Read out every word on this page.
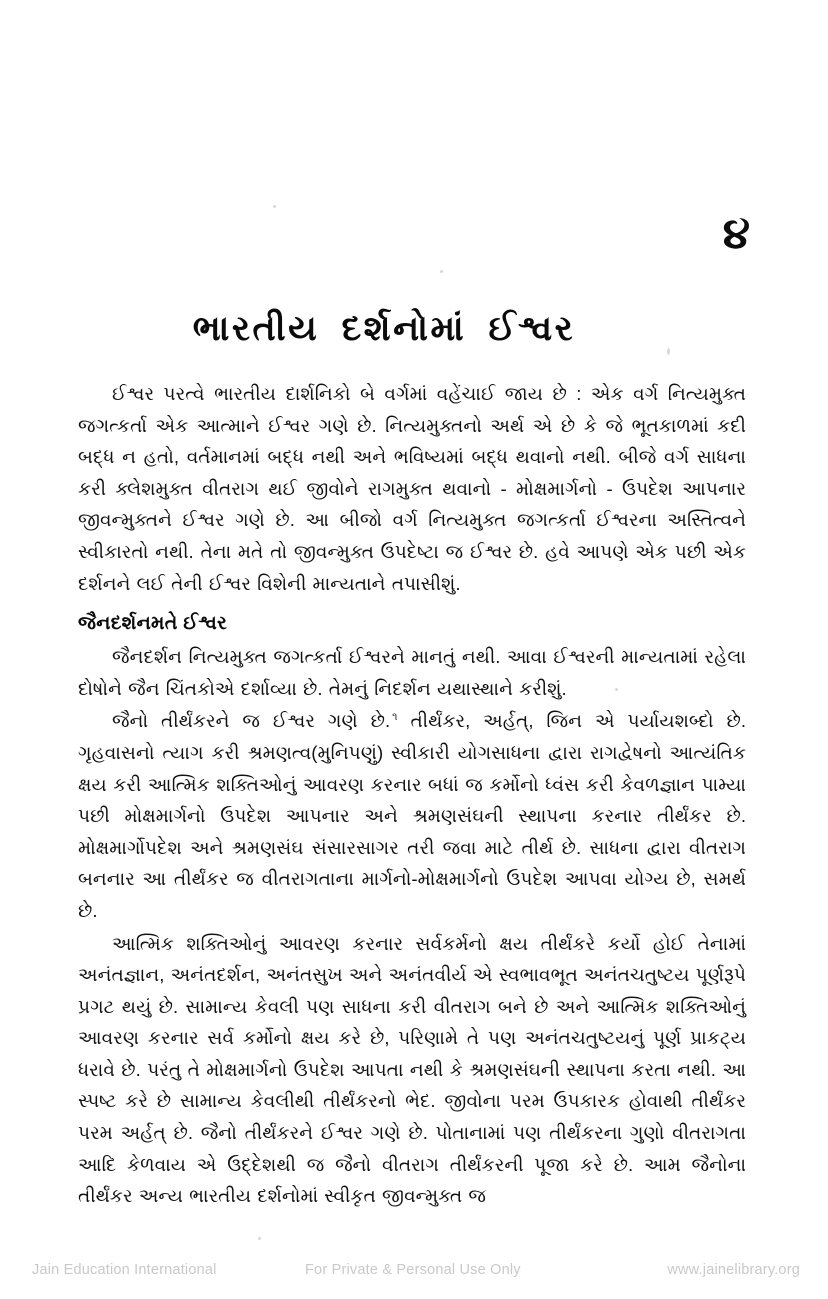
૪
ભારતીય દર્શનોમાં ઈશ્વર

ઈશ્વર પરત્વે ભારતીય દાર્શનિકો બે વર્ગમાં વહેંચાઈ જાય છે : એક વર્ગ નિત્યમુક્ત જગત્કર્તા એક આત્માને ઈશ્વર ગણે છે. નિત્યમુક્તનો અર્થ એ છે કે જે ભૂતકાળમાં કદી બદ્ધ ન હતો, વર્તમાનમાં બદ્ધ નથી અને ભવિષ્યમાં બદ્ધ થવાનો નથી. બીજે વર્ગ સાધના કરી ક્લેશમુક્ત વીતરાગ થઈ જીવોને રાગમુક્ત થવાનો - મોક્ષમાર્ગનો - ઉપદેશ આપનાર જીવન્મુક્તને ઈશ્વર ગણે છે. આ બીજો વર્ગ નિત્યમુક્ત જગત્કર્તા ઈશ્વરના અસ્તિત્વને સ્વીકારતો નથી. તેના મતે તો જીવન્મુક્ત ઉપદેષ્ટા જ ઈશ્વર છે. હવે આપણે એક પછી એક દર્શનને લઈ તેની ઈશ્વર વિશેની માન્યતાને તપાસીશું.

જૈનદર્શનમતે ઈશ્વર

જૈનદર્શન નિત્યમુક્ત જગત્કર્તા ઈશ્વરને માનતું નથી. આવા ઈશ્વરની માન્યતામાં રહેલા દોષોને જૈન ચિંતકોએ દર્શાવ્યા છે. તેમનું નિદર્શન યથાસ્થાને કરીશું.

જૈનો તીર્થંકરને જ ઈશ્વર ગણે છે. $^૧$ તીર્થંકર, અર્હત્, જિન એ પર્યાયશબ્દો છે. ગૃહવાસનો ત્યાગ કરી શ્રમણત્વ(મુનિપણું) સ્વીકારી યોગસાધના દ્વારા રાગદ્વેષનો આત્યંતિક ક્ષય કરી આત્મિક શક્તિઓનું આવરણ કરનાર બધાં જ કર્મોનો ધ્વંસ કરી કેવળજ્ઞાન પામ્યા પછી મોક્ષમાર્ગનો ઉપદેશ આપનાર અને શ્રમણસંઘની સ્થાપના કરનાર તીર્થંકર છે. મોક્ષમાર્ગોપદેશ અને શ્રમણસંઘ સંસારસાગર તરી જવા માટે તીર્થ છે. સાધના દ્વારા વીતરાગ બનનાર આ તીર્થંકર જ વીતરાગતાના માર્ગનો-મોક્ષમાર્ગનો ઉપદેશ આપવા યોગ્ય છે, સમર્થ છે.

આત્મિક શક્તિઓનું આવરણ કરનાર સર્વકર્મનો ક્ષય તીર્થંકરે કર્યો હોઈ તેનામાં અનંતજ્ઞાન, અનંતદર્શન, અનંતસુખ અને અનંતવીર્ય એ સ્વભાવભૂત અનંતચતુષ્ટય પૂર્ણરૂપે પ્રગટ થયું છે. સામાન્ય કેવલી પણ સાધના કરી વીતરાગ બને છે અને આત્મિક શક્તિઓનું આવરણ કરનાર સર્વ કર્મોનો ક્ષય કરે છે, પરિણામે તે પણ અનંતચતુષ્ટયનું પૂર્ણ પ્રાકટ્ય ધરાવે છે. પરંતુ તે મોક્ષમાર્ગનો ઉપદેશ આપતા નથી કે શ્રમણસંઘની સ્થાપના કરતા નથી. આ સ્પષ્ટ કરે છે સામાન્ય કેવલીથી તીર્થંકરનો ભેદ. જીવોના પરમ ઉપકારક હોવાથી તીર્થંકર પરમ અર્હત્ છે. જૈનો તીર્થંકરને ઈશ્વર ગણે છે. પોતાનામાં પણ તીર્થંકરના ગુણો વીતરાગતા આદિ કેળવાય એ ઉદ્દેશથી જ જૈનો વીતરાગ તીર્થંકરની પૂજા કરે છે. આમ જૈનોના તીર્થંકર અન્ય ભારતીય દર્શનોમાં સ્વીકૃત જીવન્મુક્ત જ

Jain Education International	For Private & Personal Use Only	www.jainelibrary.org
